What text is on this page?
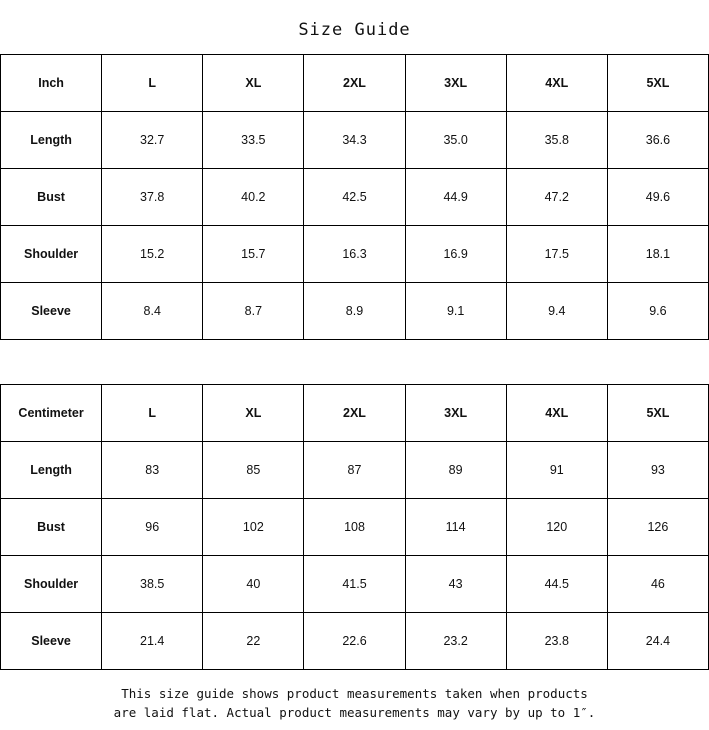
Size Guide
Inch	L	XL	2XL	3XL	4XL	5XL
Length	32.7	33.5	34.3	35.0	35.8	36.6
Bust	37.8	40.2	42.5	44.9	47.2	49.6
Shoulder	15.2	15.7	16.3	16.9	17.5	18.1
Sleeve	8.4	8.7	8.9	9.1	9.4	9.6
Centimeter	L	XL	2XL	3XL	4XL	5XL
Length	83	85	87	89	91	93
Bust	96	102	108	114	120	126
Shoulder	38.5	40	41.5	43	44.5	46
Sleeve	21.4	22	22.6	23.2	23.8	24.4
This size guide shows product measurements taken when products
are laid flat. Actual product measurements may vary by up to 1″.
